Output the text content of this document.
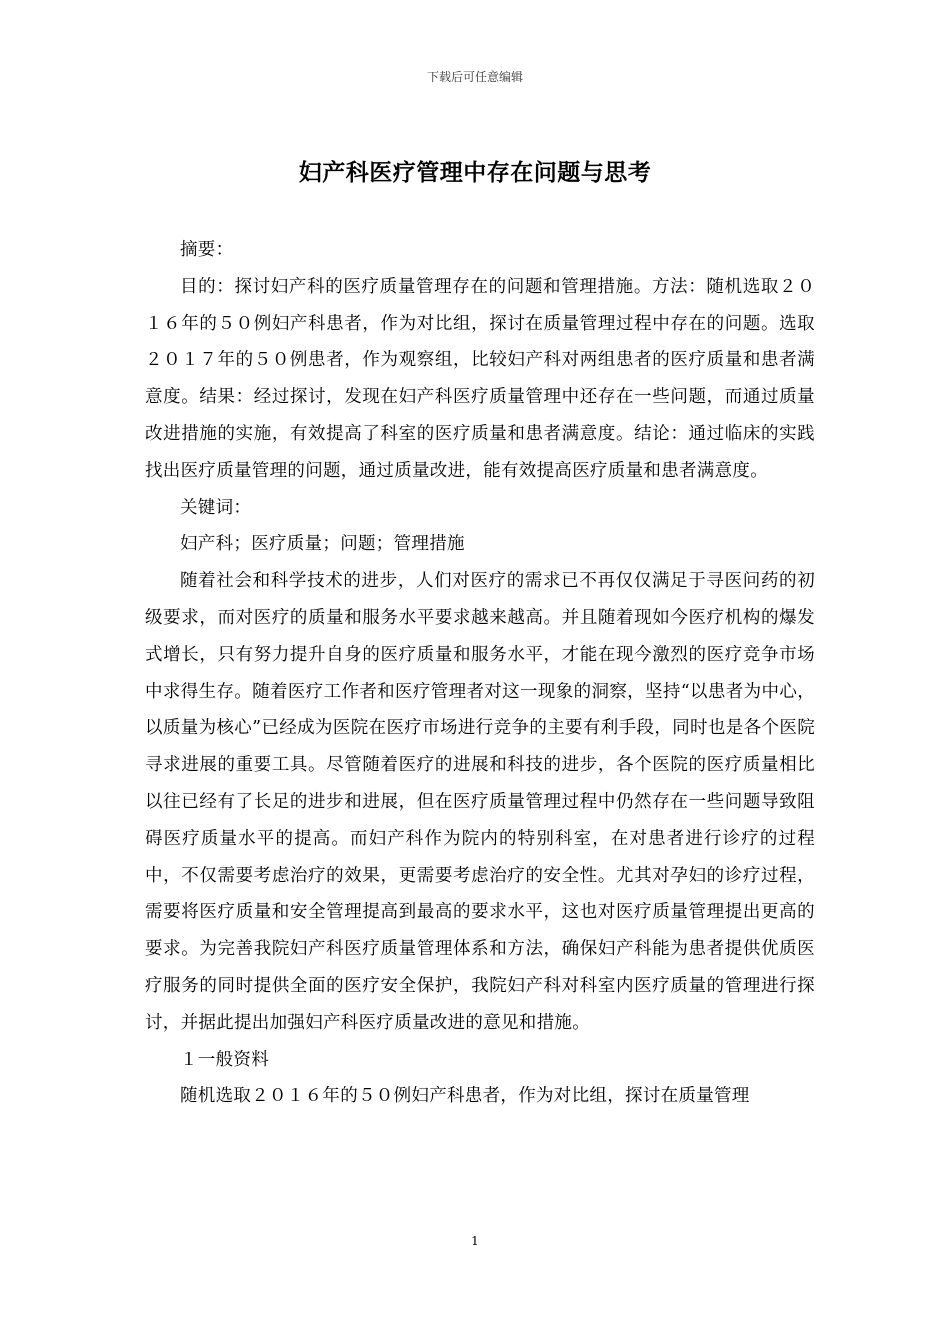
下载后可任意编辑
妇产科医疗管理中存在问题与思考

摘要：

目的：探讨妇产科的医疗质量管理存在的问题和管理措施。方法：随机选取２０１６年的５０例妇产科患者，作为对比组，探讨在质量管理过程中存在的问题。选取２０１７年的５０例患者，作为观察组，比较妇产科对两组患者的医疗质量和患者满意度。结果：经过探讨，发现在妇产科医疗质量管理中还存在一些问题，而通过质量改进措施的实施，有效提高了科室的医疗质量和患者满意度。结论：通过临床的实践找出医疗质量管理的问题，通过质量改进，能有效提高医疗质量和患者满意度。

关键词：

妇产科；医疗质量；问题；管理措施

随着社会和科学技术的进步，人们对医疗的需求已不再仅仅满足于寻医问药的初级要求，而对医疗的质量和服务水平要求越来越高。并且随着现如今医疗机构的爆发式增长，只有努力提升自身的医疗质量和服务水平，才能在现今激烈的医疗竞争市场中求得生存。随着医疗工作者和医疗管理者对这一现象的洞察，坚持“以患者为中心，以质量为核心”已经成为医院在医疗市场进行竞争的主要有利手段，同时也是各个医院寻求进展的重要工具。尽管随着医疗的进展和科技的进步，各个医院的医疗质量相比以往已经有了长足的进步和进展，但在医疗质量管理过程中仍然存在一些问题导致阻碍医疗质量水平的提高。而妇产科作为院内的特别科室，在对患者进行诊疗的过程中，不仅需要考虑治疗的效果，更需要考虑治疗的安全性。尤其对孕妇的诊疗过程，需要将医疗质量和安全管理提高到最高的要求水平，这也对医疗质量管理提出更高的要求。为完善我院妇产科医疗质量管理体系和方法，确保妇产科能为患者提供优质医疗服务的同时提供全面的医疗安全保护，我院妇产科对科室内医疗质量的管理进行探讨，并据此提出加强妇产科医疗质量改进的意见和措施。

１一般资料

随机选取２０１６年的５０例妇产科患者，作为对比组，探讨在质量管理

1
